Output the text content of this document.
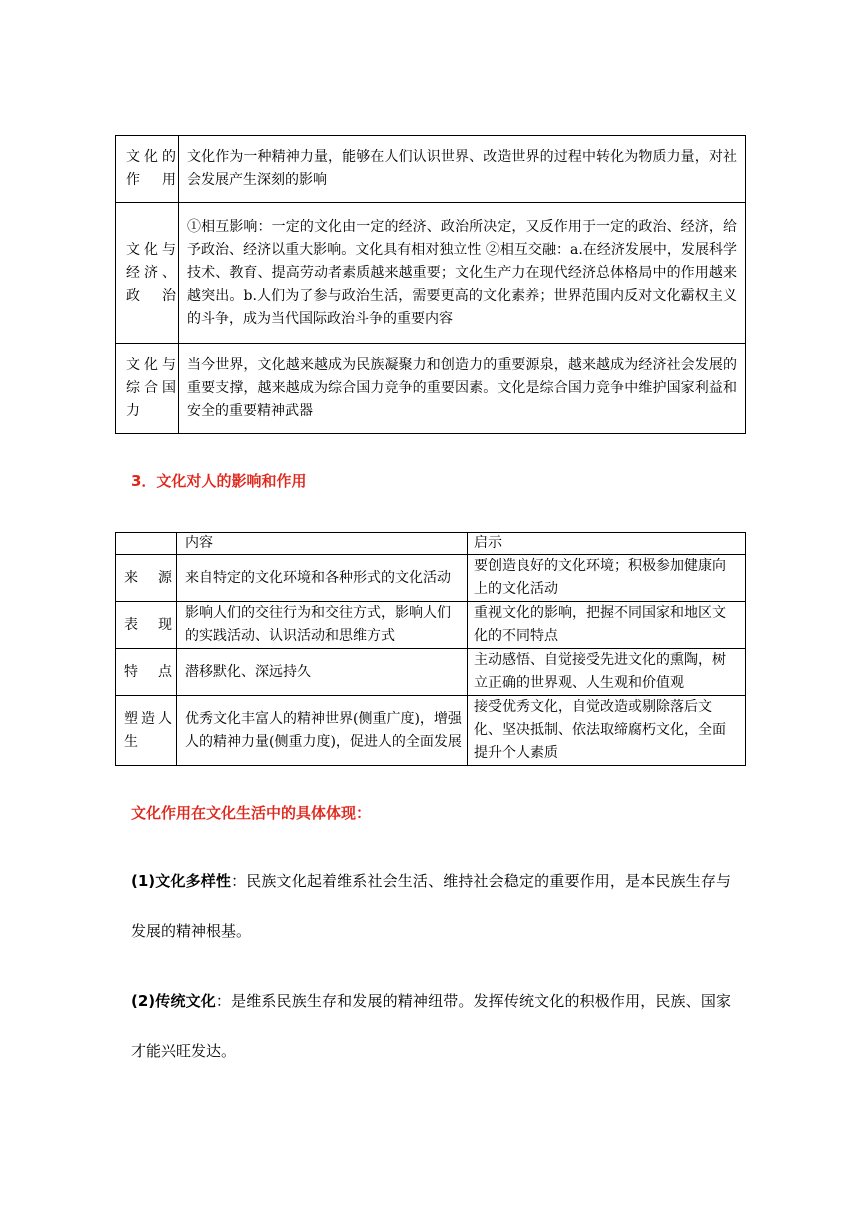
文化的作用	文化作为一种精神力量，能够在人们认识世界、改造世界的过程中转化为物质力量，对社会发展产生深刻的影响
文化与经济、政治	①相互影响：一定的文化由一定的经济、政治所决定，又反作用于一定的政治、经济，给予政治、经济以重大影响。文化具有相对独立性 ②相互交融：a.在经济发展中，发展科学技术、教育、提高劳动者素质越来越重要；文化生产力在现代经济总体格局中的作用越来越突出。b.人们为了参与政治生活，需要更高的文化素养；世界范围内反对文化霸权主义的斗争，成为当代国际政治斗争的重要内容
文化与综合国力	当今世界，文化越来越成为民族凝聚力和创造力的重要源泉，越来越成为经济社会发展的重要支撑，越来越成为综合国力竞争的重要因素。文化是综合国力竞争中维护国家利益和安全的重要精神武器
3．文化对人的影响和作用
	内容	启示
来源	来自特定的文化环境和各种形式的文化活动	要创造良好的文化环境；积极参加健康向上的文化活动
表现	影响人们的交往行为和交往方式，影响人们的实践活动、认识活动和思维方式	重视文化的影响，把握不同国家和地区文化的不同特点
特点	潜移默化、深远持久	主动感悟、自觉接受先进文化的熏陶，树立正确的世界观、人生观和价值观
塑造人生	优秀文化丰富人的精神世界(侧重广度)，增强人的精神力量(侧重力度)，促进人的全面发展	接受优秀文化，自觉改造或剔除落后文化、坚决抵制、依法取缔腐朽文化，全面提升个人素质
文化作用在文化生活中的具体体现：
(1)文化多样性：民族文化起着维系社会生活、维持社会稳定的重要作用，是本民族生存与发展的精神根基。
(2)传统文化：是维系民族生存和发展的精神纽带。发挥传统文化的积极作用，民族、国家才能兴旺发达。
